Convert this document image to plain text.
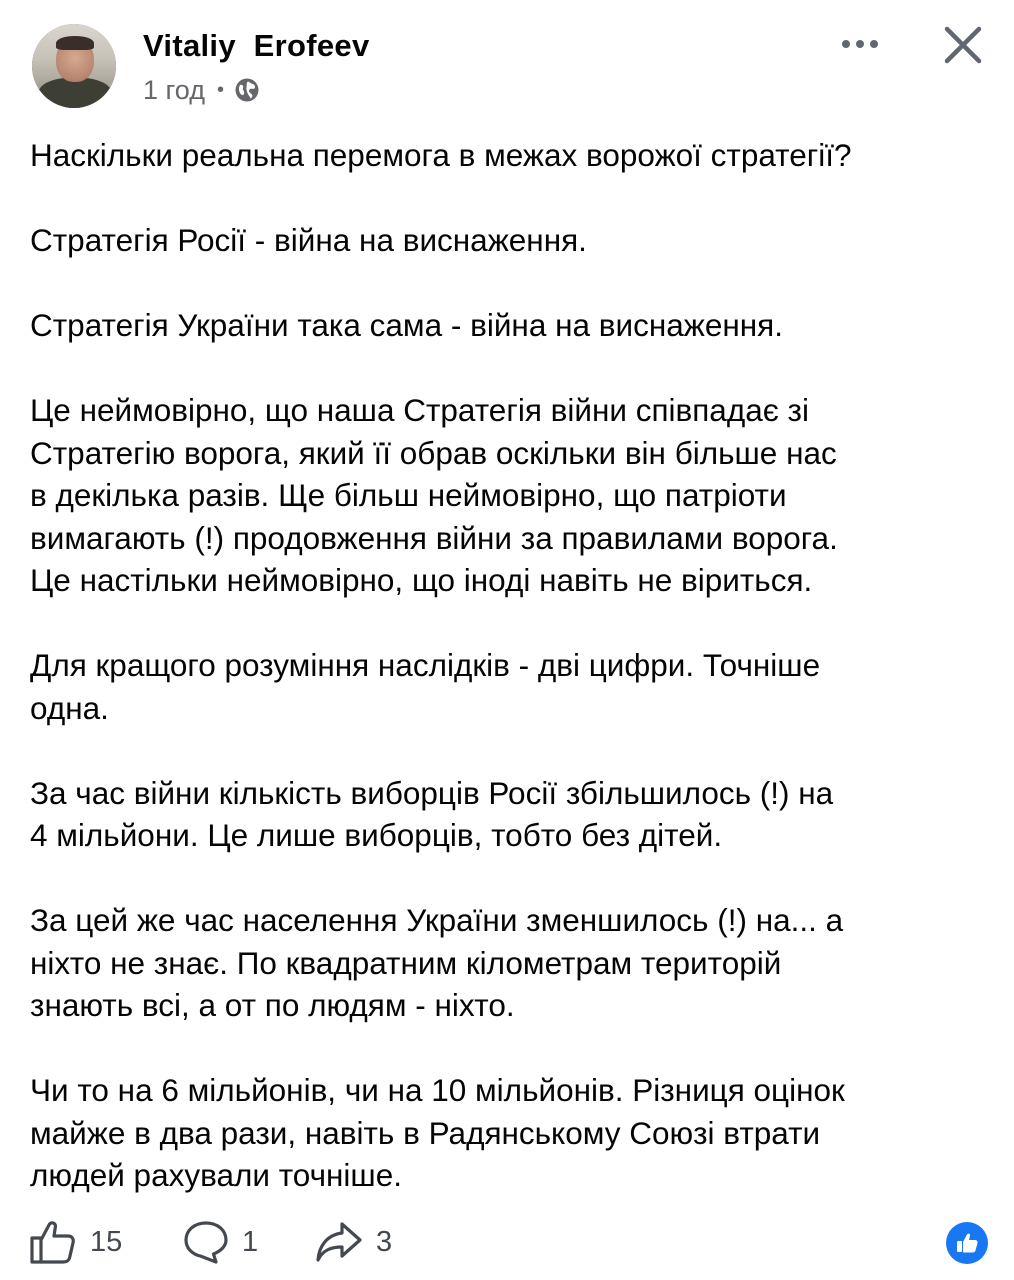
Vitaliy  Erofeev
1 год •

Наскільки реальна перемога в межах ворожої стратегії?

Стратегія Росії - війна на виснаження.

Стратегія України така сама - війна на виснаження.

Це неймовірно, що наша Стратегія війни співпадає зі
Стратегію ворога, який її обрав оскільки він більше нас
в декілька разів. Ще більш неймовірно, що патріоти
вимагають (!) продовження війни за правилами ворога.
Це настільки неймовірно, що іноді навіть не віриться.

Для кращого розуміння наслідків - дві цифри. Точніше
одна.

За час війни кількість виборців Росії збільшилось (!) на
4 мільйони. Це лише виборців, тобто без дітей.

За цей же час населення України зменшилось (!) на... а
ніхто не знає. По квадратним кілометрам територій
знають всі, а от по людям - ніхто.

Чи то на 6 мільйонів, чи на 10 мільйонів. Різниця оцінок
майже в два рази, навіть в Радянському Союзі втрати
людей рахували точніше.

15	1	3
